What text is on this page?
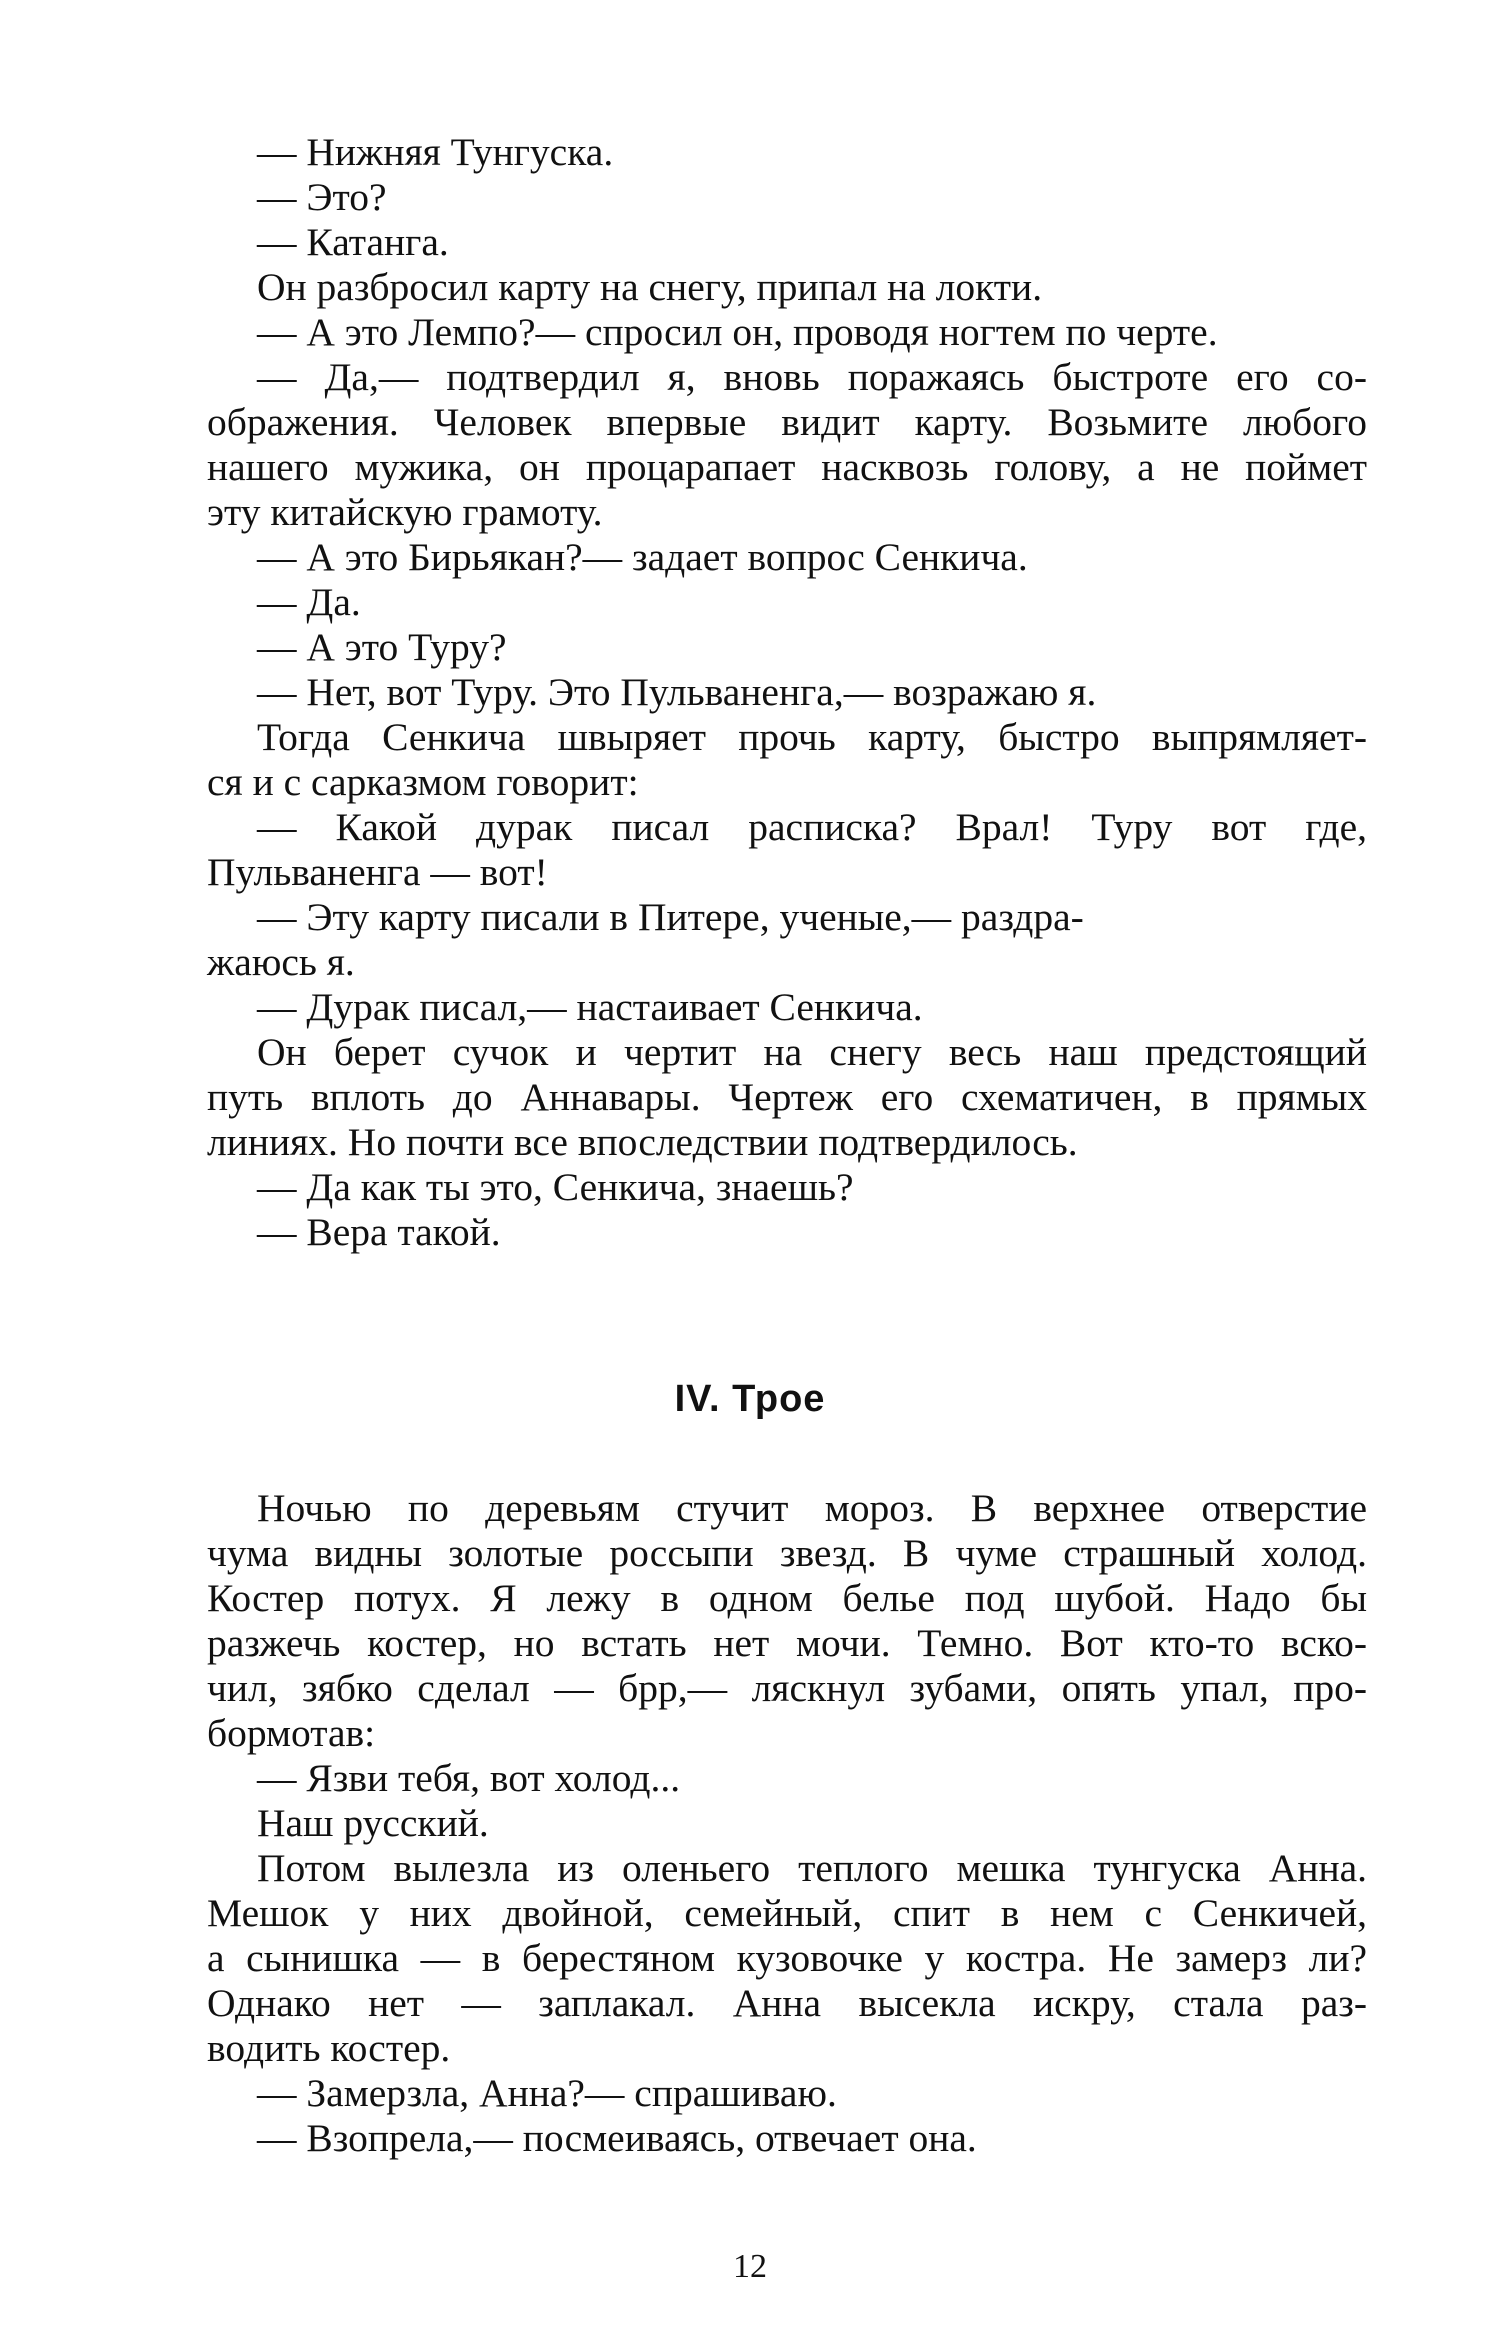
— Нижняя Тунгуска.
— Это?
— Катанга.
Он разбросил карту на снегу, припал на локти.
— А это Лемпо?— спросил он, проводя ногтем по черте.
— Да,— подтвердил я, вновь поражаясь быстроте его со-
ображения. Человек впервые видит карту. Возьмите любого
нашего мужика, он процарапает насквозь голову, а не поймет
эту китайскую грамоту.
— А это Бирьякан?— задает вопрос Сенкича.
— Да.
— А это Туру?
— Нет, вот Туру. Это Пульваненга,— возражаю я.
Тогда Сенкича швыряет прочь карту, быстро выпрямляет-
ся и с сарказмом говорит:
— Какой дурак писал расписка? Врал! Туру вот где,
Пульваненга — вот!
— Эту карту писали в Питере, ученые,— раздра-
жаюсь я.
— Дурак писал,— настаивает Сенкича.
Он берет сучок и чертит на снегу весь наш предстоящий
путь вплоть до Аннавары. Чертеж его схематичен, в прямых
линиях. Но почти все впоследствии подтвердилось.
— Да как ты это, Сенкича, знаешь?
— Вера такой.
IV. Трое
Ночью по деревьям стучит мороз. В верхнее отверстие
чума видны золотые россыпи звезд. В чуме страшный холод.
Костер потух. Я лежу в одном белье под шубой. Надо бы
разжечь костер, но встать нет мочи. Темно. Вот кто-то вско-
чил, зябко сделал — брр,— ляскнул зубами, опять упал, про-
бормотав:
— Язви тебя, вот холод...
Наш русский.
Потом вылезла из оленьего теплого мешка тунгуска Анна.
Мешок у них двойной, семейный, спит в нем с Сенкичей,
а сынишка — в берестяном кузовочке у костра. Не замерз ли?
Однако нет — заплакал. Анна высекла искру, стала раз-
водить костер.
— Замерзла, Анна?— спрашиваю.
— Взопрела,— посмеиваясь, отвечает она.
12
